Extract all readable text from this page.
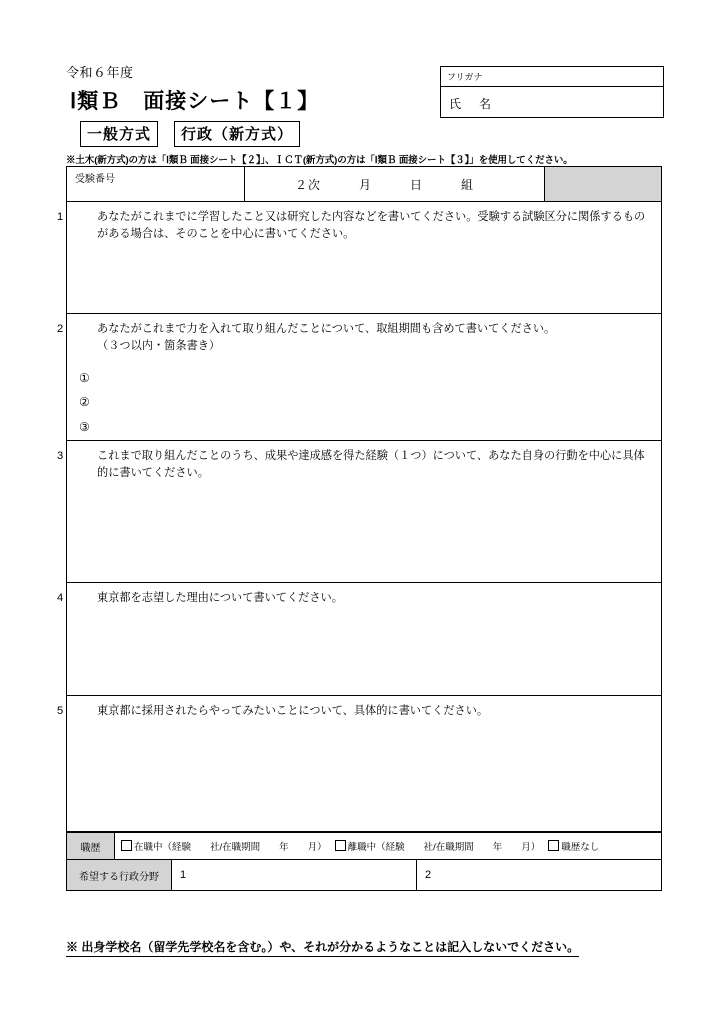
令和６年度
Ⅰ類Ｂ　面接シート【１】
一般方式	行政（新方式）
※土木(新方式)の方は「Ⅰ類Ｂ 面接シート【２】」、ＩＣＴ(新方式)の方は「Ⅰ類Ｂ 面接シート【３】」を使用してください。
フリガナ
氏　名
受験番号	２次	月	日	組
1	あなたがこれまでに学習したこと又は研究した内容などを書いてください。受験する試験区分に関係するものがある場合は、そのことを中心に書いてください。
2	あなたがこれまで力を入れて取り組んだことについて、取組期間も含めて書いてください。
（３つ以内・箇条書き）
①
②
③
3	これまで取り組んだことのうち、成果や達成感を得た経験（１つ）について、あなた自身の行動を中心に具体的に書いてください。
4	東京都を志望した理由について書いてください。
5	東京都に採用されたらやってみたいことについて、具体的に書いてください。
職歴	在職中（経験　　社/在職期間　　年　　月）	離職中（経験　　社/在職期間　　年　　月）	職歴なし
希望する行政分野	1	2
※ 出身学校名（留学先学校名を含む。）や、それが分かるようなことは記入しないでください。
